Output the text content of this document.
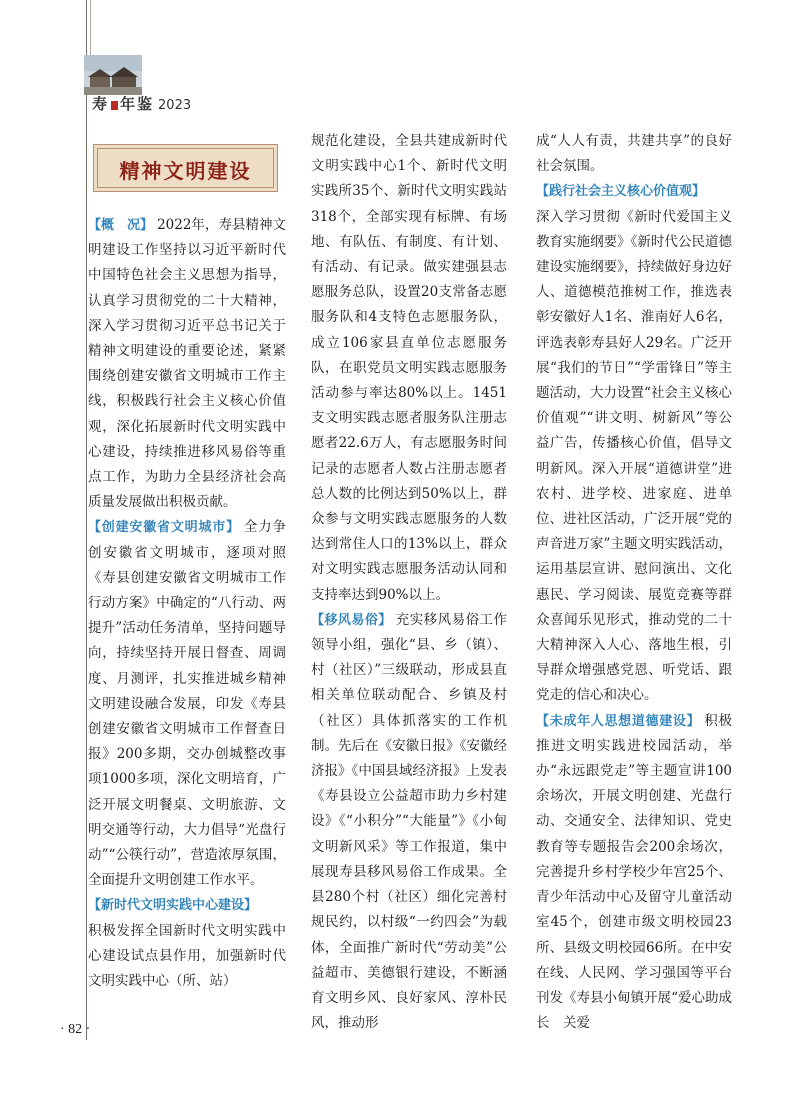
寿 年鉴 2023
精神文明建设

【概　况】 2022年，寿县精神文明建设工作坚持以习近平新时代中国特色社会主义思想为指导，认真学习贯彻党的二十大精神，深入学习贯彻习近平总书记关于精神文明建设的重要论述，紧紧围绕创建安徽省文明城市工作主线，积极践行社会主义核心价值观，深化拓展新时代文明实践中心建设，持续推进移风易俗等重点工作，为助力全县经济社会高质量发展做出积极贡献。

【创建安徽省文明城市】 全力争创安徽省文明城市，逐项对照《寿县创建安徽省文明城市工作行动方案》中确定的“八行动、两提升”活动任务清单，坚持问题导向，持续坚持开展日督查、周调度、月测评，扎实推进城乡精神文明建设融合发展，印发《寿县创建安徽省文明城市工作督查日报》200多期，交办创城整改事项1000多项，深化文明培育，广泛开展文明餐桌、文明旅游、文明交通等行动，大力倡导“光盘行动”“公筷行动”，营造浓厚氛围，全面提升文明创建工作水平。

【新时代文明实践中心建设】
积极发挥全国新时代文明实践中心建设试点县作用，加强新时代文明实践中心（所、站）

规范化建设，全县共建成新时代文明实践中心1个、新时代文明实践所35个、新时代文明实践站318个，全部实现有标牌、有场地、有队伍、有制度、有计划、有活动、有记录。做实建强县志愿服务总队，设置20支常备志愿服务队和4支特色志愿服务队，成立106家县直单位志愿服务队，在职党员文明实践志愿服务活动参与率达80%以上。1451支文明实践志愿者服务队注册志愿者22.6万人，有志愿服务时间记录的志愿者人数占注册志愿者总人数的比例达到50%以上，群众参与文明实践志愿服务的人数达到常住人口的13%以上，群众对文明实践志愿服务活动认同和支持率达到90%以上。

【移风易俗】 充实移风易俗工作领导小组，强化“县、乡（镇）、村（社区）”三级联动，形成县直相关单位联动配合、乡镇及村（社区）具体抓落实的工作机制。先后在《安徽日报》《安徽经济报》《中国县域经济报》上发表《寿县设立公益超市助力乡村建设》《“小积分”“大能量”》《小甸文明新风采》等工作报道，集中展现寿县移风易俗工作成果。全县280个村（社区）细化完善村规民约，以村级“一约四会”为载体，全面推广新时代“劳动美”公益超市、美德银行建设，不断涵育文明乡风、良好家风、淳朴民风，推动形

成“人人有责，共建共享”的良好社会氛围。

【践行社会主义核心价值观】
深入学习贯彻《新时代爱国主义教育实施纲要》《新时代公民道德建设实施纲要》，持续做好身边好人、道德模范推树工作，推选表彰安徽好人1名、淮南好人6名，评选表彰寿县好人29名。广泛开展“我们的节日”“学雷锋日”等主题活动，大力设置“社会主义核心价值观”“讲文明、树新风”等公益广告，传播核心价值，倡导文明新风。深入开展“道德讲堂”进农村、进学校、进家庭、进单位、进社区活动，广泛开展“党的声音进万家”主题文明实践活动，运用基层宣讲、慰问演出、文化惠民、学习阅读、展览竞赛等群众喜闻乐见形式，推动党的二十大精神深入人心、落地生根，引导群众增强感党恩、听党话、跟党走的信心和决心。

【未成年人思想道德建设】 积极推进文明实践进校园活动，举办“永远跟党走”等主题宣讲100余场次，开展文明创建、光盘行动、交通安全、法律知识、党史教育等专题报告会200余场次，完善提升乡村学校少年宫25个、青少年活动中心及留守儿童活动室45个，创建市级文明校园23所、县级文明校园66所。在中安在线、人民网、学习强国等平台刊发《寿县小甸镇开展“爱心助成长　关爱

· 82 ·
